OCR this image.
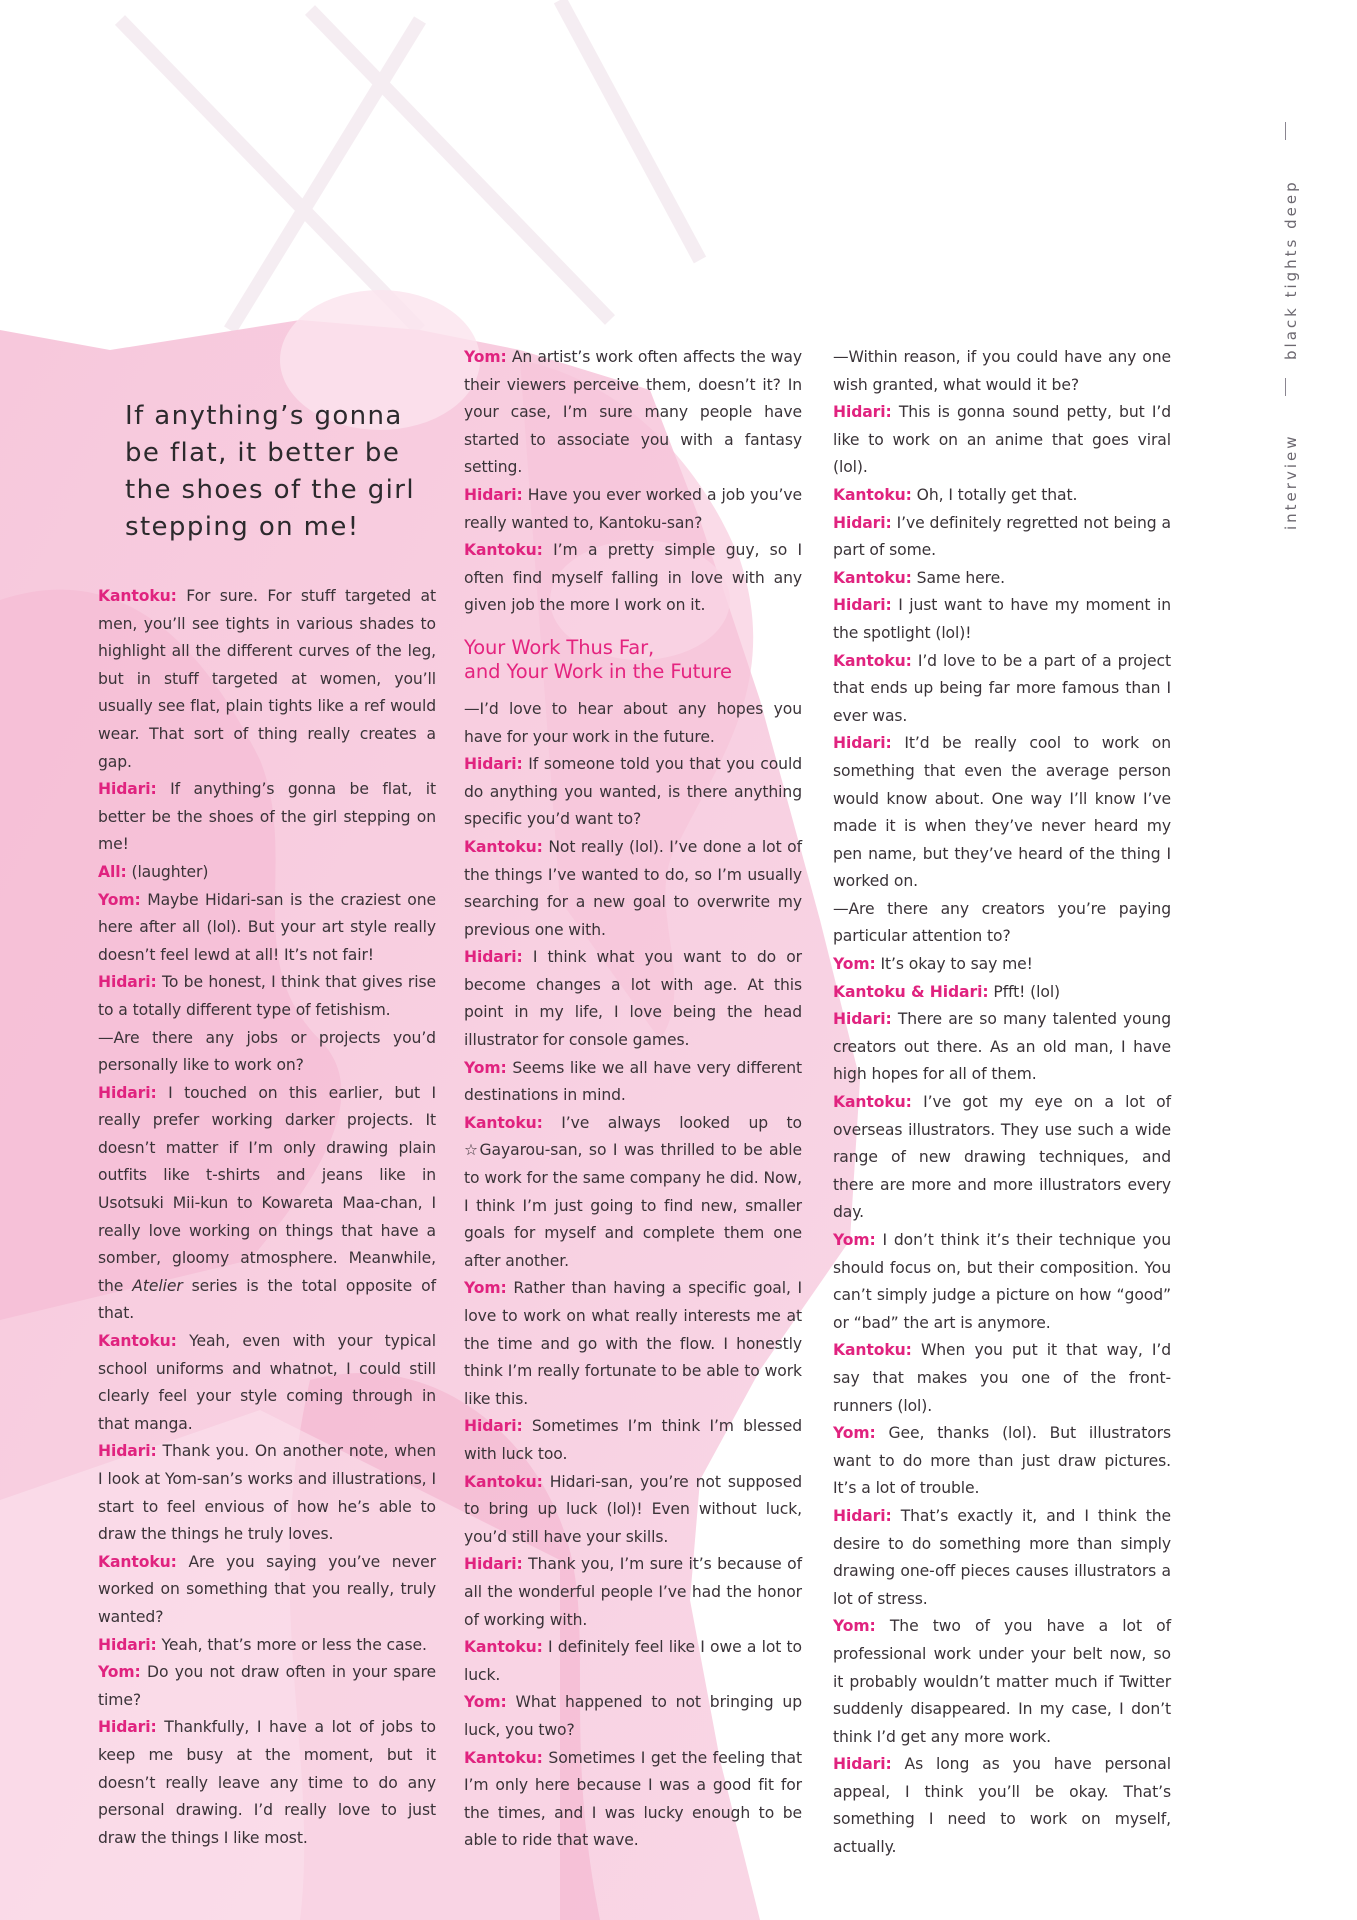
If anything’s gonna be flat, it better be the shoes of the girl stepping on me!

Kantoku: For sure. For stuff targeted at men, you’ll see tights in various shades to highlight all the different curves of the leg, but in stuff targeted at women, you’ll usually see flat, plain tights like a ref would wear. That sort of thing really creates a gap.

Hidari: If anything’s gonna be flat, it better be the shoes of the girl stepping on me!

All: (laughter)

Yom: Maybe Hidari-san is the craziest one here after all (lol). But your art style really doesn’t feel lewd at all! It’s not fair!

Hidari: To be honest, I think that gives rise to a totally different type of fetishism.

—Are there any jobs or projects you’d personally like to work on?

Hidari: I touched on this earlier, but I really prefer working darker projects. It doesn’t matter if I’m only drawing plain outfits like t-shirts and jeans like in Usotsuki Mii-kun to Kowareta Maa-chan, I really love working on things that have a somber, gloomy atmosphere. Meanwhile, the Atelier series is the total opposite of that.

Kantoku: Yeah, even with your typical school uniforms and whatnot, I could still clearly feel your style coming through in that manga.

Hidari: Thank you. On another note, when I look at Yom-san’s works and illustrations, I start to feel envious of how he’s able to draw the things he truly loves.

Kantoku: Are you saying you’ve never worked on something that you really, truly wanted?

Hidari: Yeah, that’s more or less the case.

Yom: Do you not draw often in your spare time?

Hidari: Thankfully, I have a lot of jobs to keep me busy at the moment, but it doesn’t really leave any time to do any personal drawing. I’d really love to just draw the things I like most.

Yom: An artist’s work often affects the way their viewers perceive them, doesn’t it? In your case, I’m sure many people have started to associate you with a fantasy setting.

Hidari: Have you ever worked a job you’ve really wanted to, Kantoku-san?

Kantoku: I’m a pretty simple guy, so I often find myself falling in love with any given job the more I work on it.

Your Work Thus Far,
and Your Work in the Future

—I’d love to hear about any hopes you have for your work in the future.

Hidari: If someone told you that you could do anything you wanted, is there anything specific you’d want to?

Kantoku: Not really (lol). I’ve done a lot of the things I’ve wanted to do, so I’m usually searching for a new goal to overwrite my previous one with.

Hidari: I think what you want to do or become changes a lot with age. At this point in my life, I love being the head illustrator for console games.

Yom: Seems like we all have very different destinations in mind.

Kantoku: I’ve always looked up to ☆Gayarou-san, so I was thrilled to be able to work for the same company he did. Now, I think I’m just going to find new, smaller goals for myself and complete them one after another.

Yom: Rather than having a specific goal, I love to work on what really interests me at the time and go with the flow. I honestly think I’m really fortunate to be able to work like this.

Hidari: Sometimes I’m think I’m blessed with luck too.

Kantoku: Hidari-san, you’re not supposed to bring up luck (lol)! Even without luck, you’d still have your skills.

Hidari: Thank you, I’m sure it’s because of all the wonderful people I’ve had the honor of working with.

Kantoku: I definitely feel like I owe a lot to luck.

Yom: What happened to not bringing up luck, you two?

Kantoku: Sometimes I get the feeling that I’m only here because I was a good fit for the times, and I was lucky enough to be able to ride that wave.

—Within reason, if you could have any one wish granted, what would it be?

Hidari: This is gonna sound petty, but I’d like to work on an anime that goes viral (lol).

Kantoku: Oh, I totally get that.

Hidari: I’ve definitely regretted not being a part of some.

Kantoku: Same here.

Hidari: I just want to have my moment in the spotlight (lol)!

Kantoku: I’d love to be a part of a project that ends up being far more famous than I ever was.

Hidari: It’d be really cool to work on something that even the average person would know about. One way I’ll know I’ve made it is when they’ve never heard my pen name, but they’ve heard of the thing I worked on.

—Are there any creators you’re paying particular attention to?

Yom: It’s okay to say me!

Kantoku & Hidari: Pfft! (lol)

Hidari: There are so many talented young creators out there. As an old man, I have high hopes for all of them.

Kantoku: I’ve got my eye on a lot of overseas illustrators. They use such a wide range of new drawing techniques, and there are more and more illustrators every day.

Yom: I don’t think it’s their technique you should focus on, but their composition. You can’t simply judge a picture on how “good” or “bad” the art is anymore.

Kantoku: When you put it that way, I’d say that makes you one of the front-runners (lol).

Yom: Gee, thanks (lol). But illustrators want to do more than just draw pictures. It’s a lot of trouble.

Hidari: That’s exactly it, and I think the desire to do something more than simply drawing one-off pieces causes illustrators a lot of stress.

Yom: The two of you have a lot of professional work under your belt now, so it probably wouldn’t matter much if Twitter suddenly disappeared. In my case, I don’t think I’d get any more work.

Hidari: As long as you have personal appeal, I think you’ll be okay. That’s something I need to work on myself, actually.

interview
black tights deep
